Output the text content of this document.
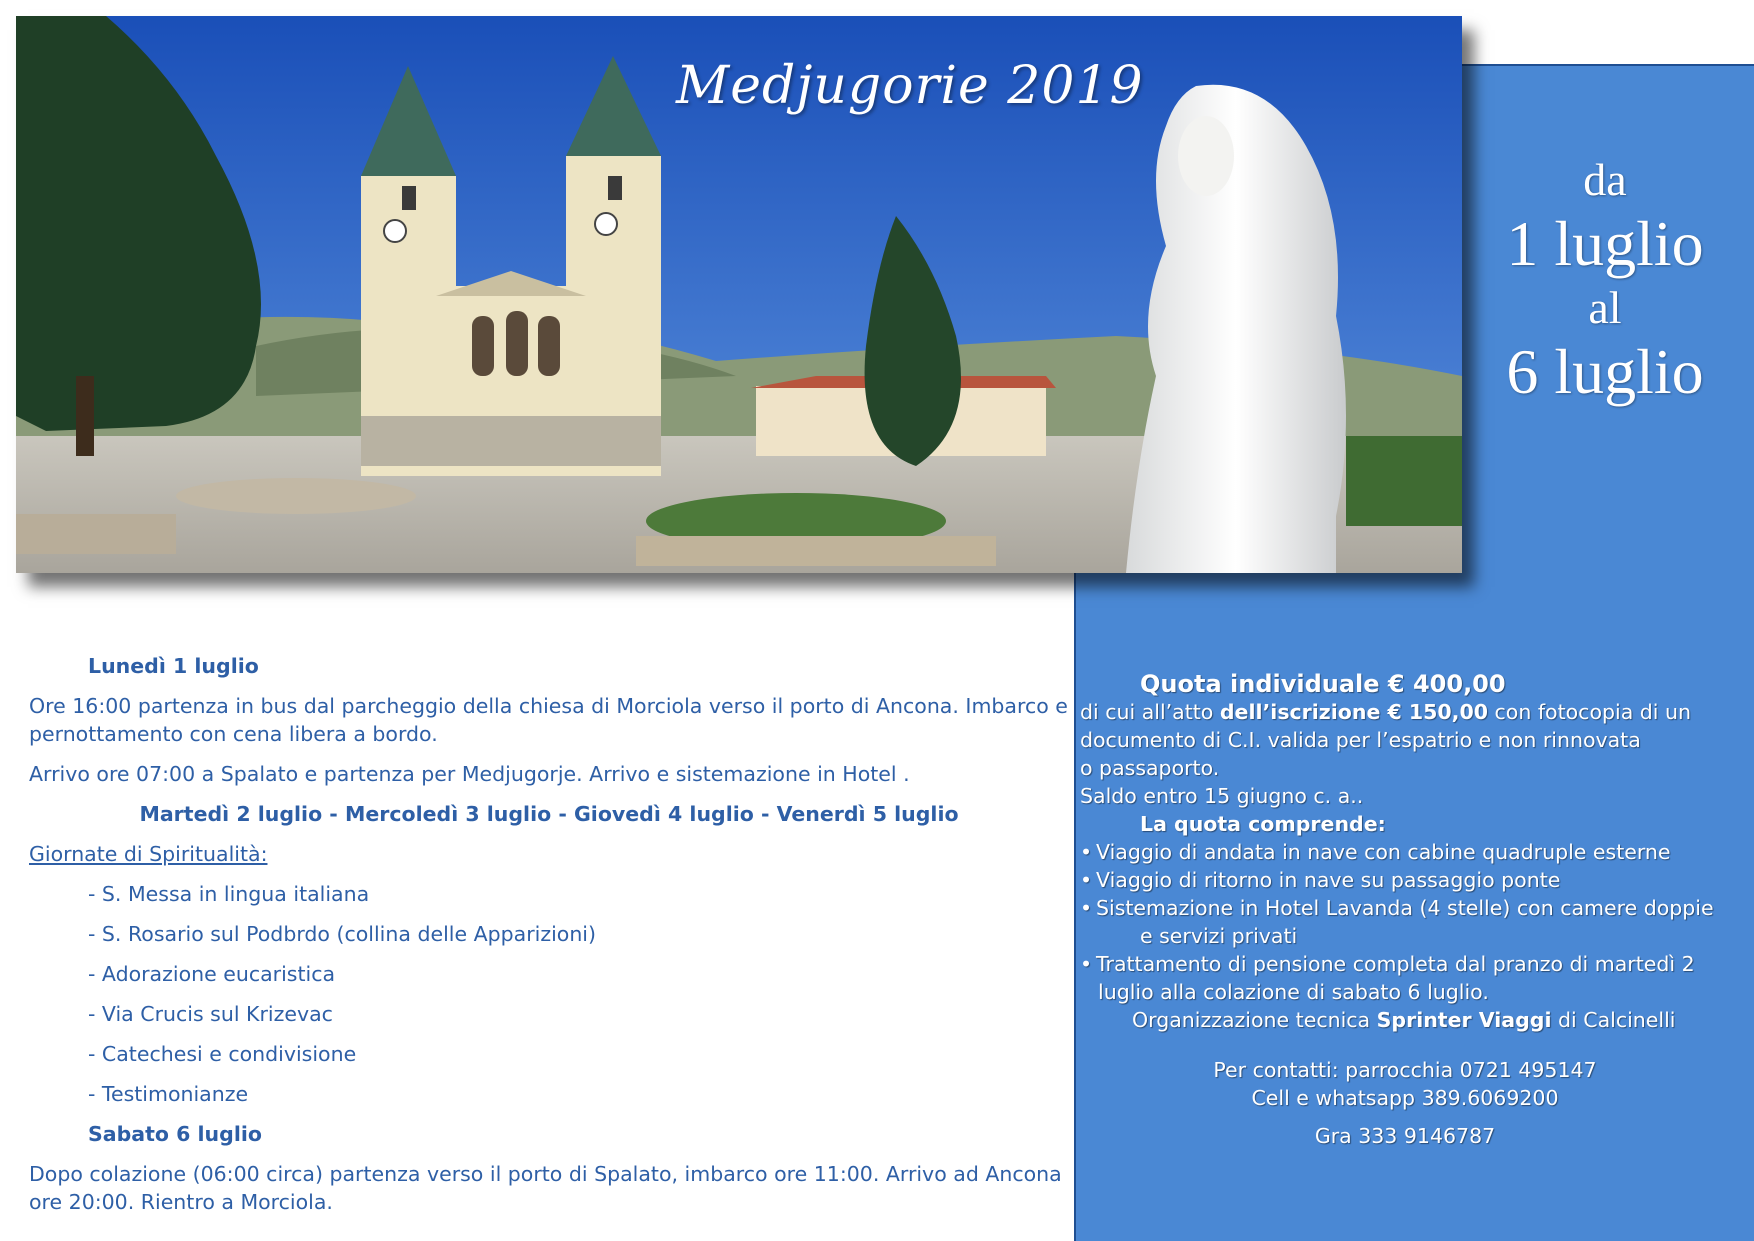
Medjugorie 2019
da
1 luglio
al
6 luglio

Quota individuale € 400,00

di cui all’atto dell’iscrizione € 150,00 con fotocopia di un documento di C.I. valida per l’espatrio e non rinnovata

o passaporto.

Saldo entro 15 giugno c. a..

La quota comprende:

• Viaggio di andata in nave con cabine quadruple esterne

• Viaggio di ritorno in nave su passaggio ponte

• Sistemazione in Hotel Lavanda (4 stelle) con camere doppie

e servizi privati

• Trattamento di pensione completa dal pranzo di martedì 2

luglio alla colazione di sabato 6 luglio.

Organizzazione tecnica Sprinter Viaggi di Calcinelli

Per contatti: parrocchia 0721 495147

Cell e whatsapp 389.6069200

Gra 333 9146787

Lunedì 1 luglio

Ore 16:00 partenza in bus dal parcheggio della chiesa di Morciola verso il porto di Ancona. Imbarco e pernottamento con cena libera a bordo.

Arrivo ore 07:00 a Spalato e partenza per Medjugorje. Arrivo e sistemazione in Hotel .

Martedì 2 luglio - Mercoledì 3 luglio - Giovedì 4 luglio - Venerdì 5 luglio

Giornate di Spiritualità:

- S. Messa in lingua italiana

- S. Rosario sul Podbrdo (collina delle Apparizioni)

- Adorazione eucaristica

- Via Crucis sul Krizevac

- Catechesi e condivisione

- Testimonianze

Sabato 6 luglio

Dopo colazione (06:00 circa) partenza verso il porto di Spalato, imbarco ore 11:00. Arrivo ad Ancona ore 20:00. Rientro a Morciola.
